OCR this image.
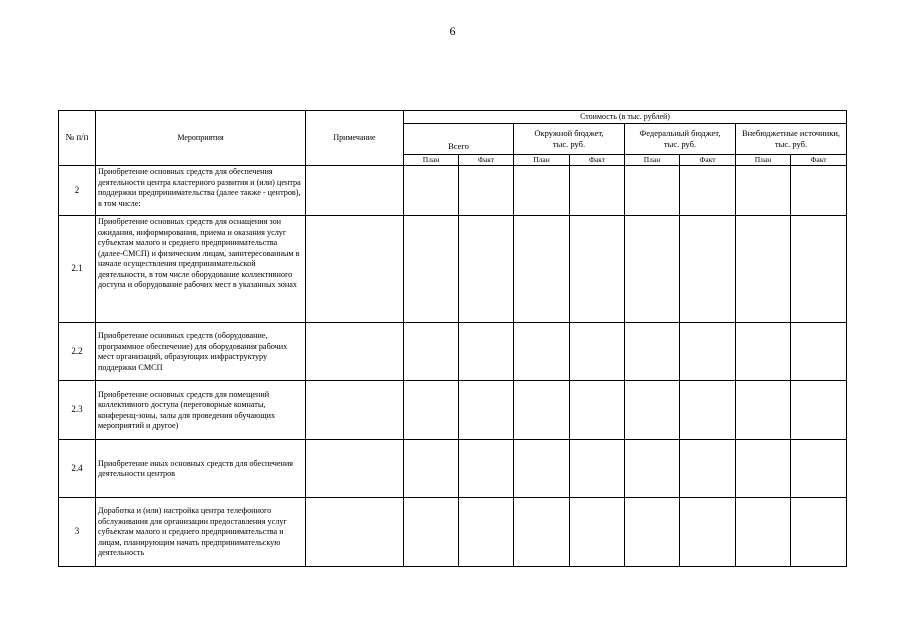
6
№ п/п	Мероприятия	Примечание	Стоимость (в тыс. рублей)							
			Всего		Окружной бюджет, тыс. руб.		Федеральный бюджет, тыс. руб.		Внебюджетные источники, тыс. руб.	
			План	Факт	План	Факт	План	Факт	План	Факт
2	Приобретение основных средств для обеспечения деятельности центра кластерного развития и (или) центра поддержки предпринимательства (далее также - центров), в том числе:									
2.1	Приобретение основных средств для оснащения зон ожидания, информирования, приема и оказания услуг субъектам малого и среднего предпринимательства (далее-СМСП) и физическим лицам, заинтересованным в начале осуществления предпринимательской деятельности, в том числе оборудование коллективного доступа и оборудование рабочих мест в указанных зонах									
2.2	Приобретение основных средств (оборудование, программное обеспечение) для оборудования рабочих мест организаций, образующих инфраструктуру поддержки СМСП									
2.3	Приобретение основных средств для помещений коллективного доступа (переговорные комнаты, конференц-зоны, залы для проведения обучающих мероприятий и другое)									
2.4	Приобретение иных основных средств для обеспечения деятельности центров									
3	Доработка и (или) настройка центра телефонного обслуживания для организации предоставления услуг субъектам малого и среднего предпринимательства и лицам, планирующим начать предпринимательскую деятельность									
